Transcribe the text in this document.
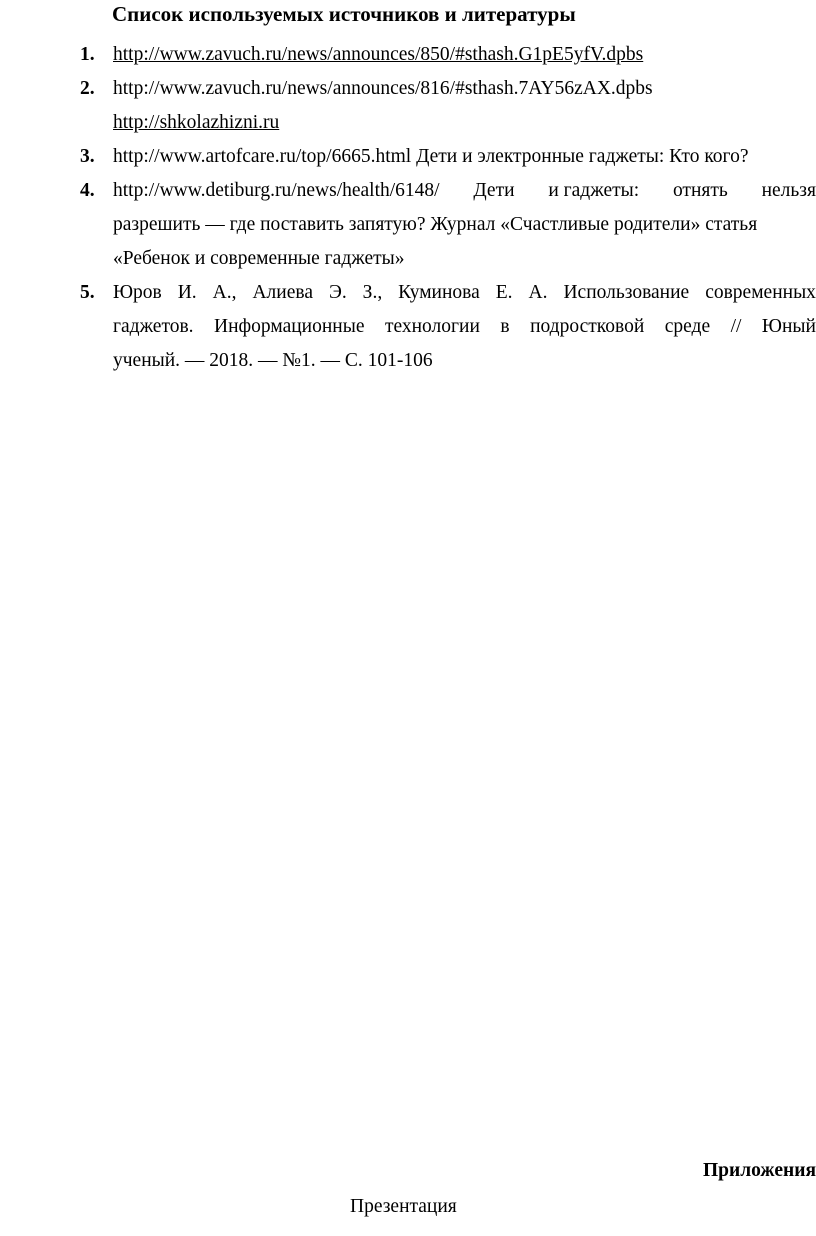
Список используемых источников и литературы
1. http://www.zavuch.ru/news/announces/850/#sthash.G1pE5yfV.dpbs
2. http://www.zavuch.ru/news/announces/816/#sthash.7AY56zAX.dpbs
http://shkolazhizni.ru
3. http://www.artofcare.ru/top/6665.html Дети и электронные гаджеты: Кто кого?
4. http://www.detiburg.ru/news/health/6148/ Дети и гаджеты: отнять нельзя
разрешить — где поставить запятую? Журнал «Счастливые родители» статья
«Ребенок и современные гаджеты»
5. Юров И. А., Алиева Э. З., Куминова Е. А. Использование современных
гаджетов. Информационные технологии в подростковой среде // Юный
ученый. — 2018. — №1. — С. 101-106
Приложения
Презентация
